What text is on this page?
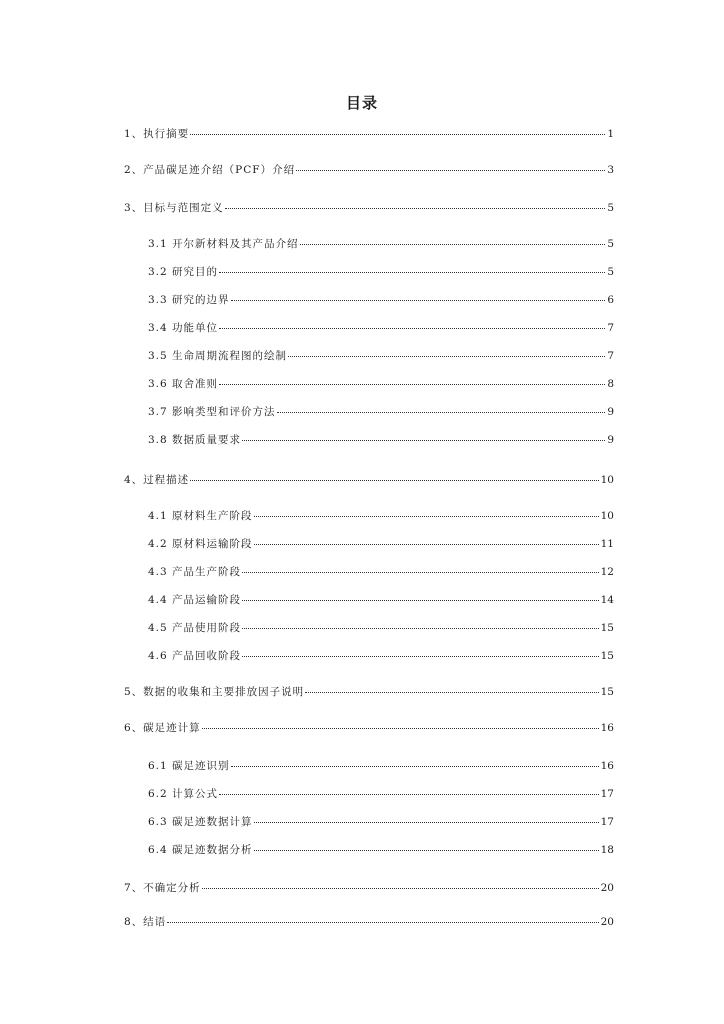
目录
1、执行摘要	1
2、产品碳足迹介绍（PCF）介绍	3
3、目标与范围定义	5
3.1 开尔新材料及其产品介绍	5
3.2 研究目的	5
3.3 研究的边界	6
3.4 功能单位	7
3.5 生命周期流程图的绘制	7
3.6 取舍准则	8
3.7 影响类型和评价方法	9
3.8 数据质量要求	9
4、过程描述	10
4.1 原材料生产阶段	10
4.2 原材料运输阶段	11
4.3 产品生产阶段	12
4.4 产品运输阶段	14
4.5 产品使用阶段	15
4.6 产品回收阶段	15
5、数据的收集和主要排放因子说明	15
6、碳足迹计算	16
6.1 碳足迹识别	16
6.2 计算公式	17
6.3 碳足迹数据计算	17
6.4 碳足迹数据分析	18
7、不确定分析	20
8、结语	20
